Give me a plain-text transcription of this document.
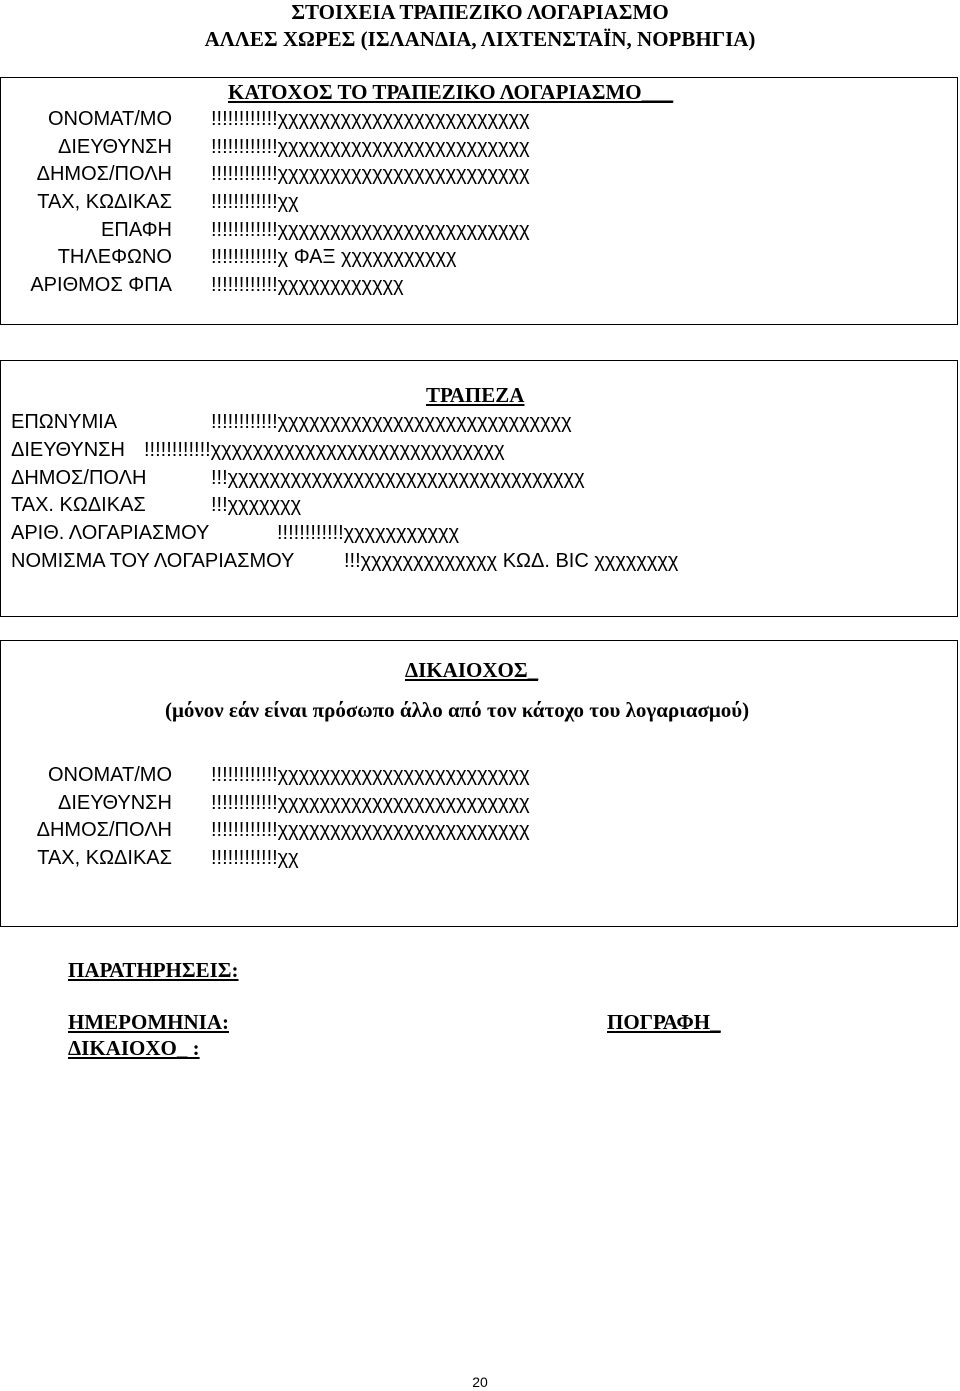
ΣΤΟΙΧΕΙΑ ΤΡΑΠΕΖΙΚΟ ΛΟΓΑΡΙΑΣΜΟ
ΑΛΛΕΣ ΧΩΡΕΣ (ΙΣΛΑΝΔΙΑ, ΛΙΧΤΕΝΣΤΑΪΝ, ΝΟΡΒΗΓΙΑ)
ΚΑΤΟΧΟΣ ΤΟ ΤΡΑΠΕΖΙΚΟ ΛΟΓΑΡΙΑΣΜΟ___
ΟΝΟΜΑΤ/ΜΟ !!!!!!!!!!!!χχχχχχχχχχχχχχχχχχχχχχχχ
ΔΙΕΥΘΥΝΣΗ !!!!!!!!!!!!χχχχχχχχχχχχχχχχχχχχχχχχ
ΔΗΜΟΣ/ΠΟΛΗ !!!!!!!!!!!!χχχχχχχχχχχχχχχχχχχχχχχχ
ΤΑΧ, ΚΩΔΙΚΑΣ !!!!!!!!!!!!χχ
ΕΠΑΦΗ !!!!!!!!!!!!χχχχχχχχχχχχχχχχχχχχχχχχ
ΤΗΛΕΦΩΝΟ !!!!!!!!!!!!χ ΦΑΞ χχχχχχχχχχχ
ΑΡΙΘΜΟΣ ΦΠΑ !!!!!!!!!!!!χχχχχχχχχχχχ
ΤΡΑΠΕΖΑ
ΕΠΩΝΥΜΙΑ	!!!!!!!!!!!!χχχχχχχχχχχχχχχχχχχχχχχχχχχχ
ΔΙΕΥΘΥΝΣΗ !!!!!!!!!!!!χχχχχχχχχχχχχχχχχχχχχχχχχχχχ
ΔΗΜΟΣ/ΠΟΛΗ	!!!χχχχχχχχχχχχχχχχχχχχχχχχχχχχχχχχχχ
ΤΑΧ. ΚΩΔΙΚΑΣ	!!!χχχχχχχ
ΑΡΙΘ. ΛΟΓΑΡΙΑΣΜΟΥ	!!!!!!!!!!!!χχχχχχχχχχχ
ΝΟΜΙΣΜΑ ΤΟΥ ΛΟΓΑΡΙΑΣΜΟΥ !!!χχχχχχχχχχχχχ ΚΩΔ. BIC χχχχχχχχ
ΔΙΚΑΙΟΧΟΣ_
(μόνον εάν είναι πρόσωπο άλλο από τον κάτοχο του λογαριασμού)
ΟΝΟΜΑΤ/ΜΟ !!!!!!!!!!!!χχχχχχχχχχχχχχχχχχχχχχχχ
ΔΙΕΥΘΥΝΣΗ !!!!!!!!!!!!χχχχχχχχχχχχχχχχχχχχχχχχ
ΔΗΜΟΣ/ΠΟΛΗ !!!!!!!!!!!!χχχχχχχχχχχχχχχχχχχχχχχχ
ΤΑΧ, ΚΩΔΙΚΑΣ !!!!!!!!!!!!χχ
ΠΑΡΑΤΗΡΗΣΕΙΣ:
ΗΜΕΡΟΜΗΝΙΑ:	ΠΟΓΡΑΦΗ_
ΔΙΚΑΙΟΧΟ_ :
20
